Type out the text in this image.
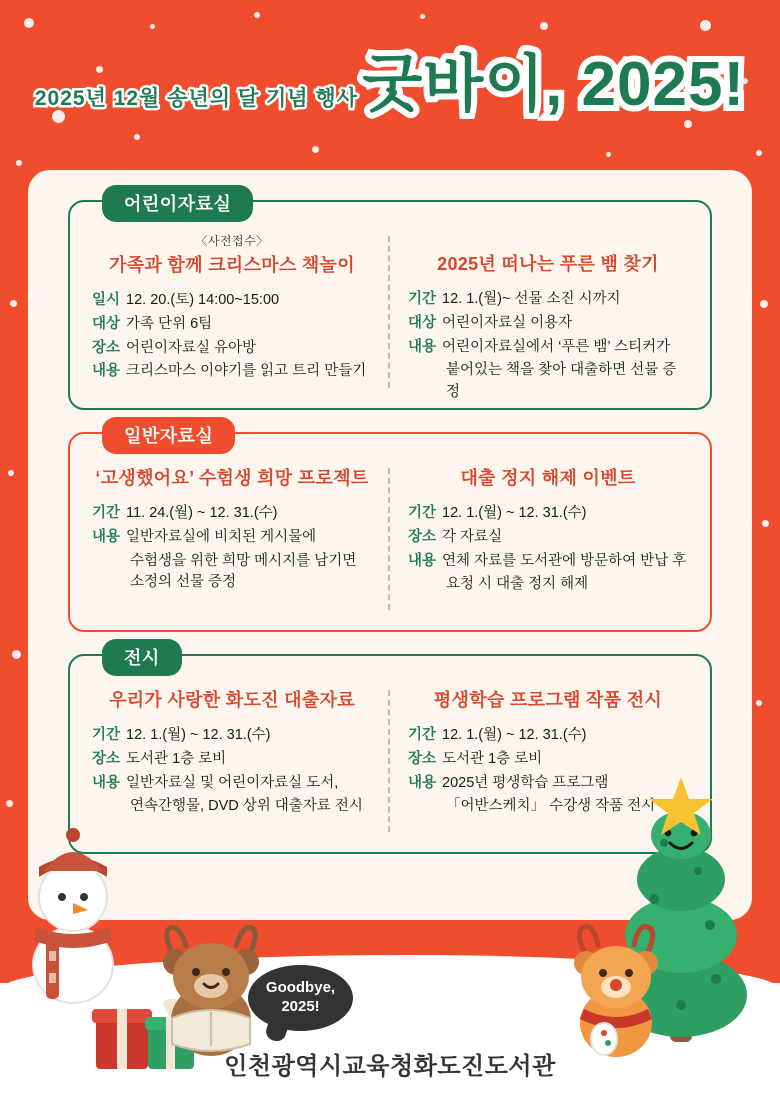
2025년 12월 송년의 달 기념 행사 굿바이, 2025!
어린이자료실
〈사전접수〉
가족과 함께 크리스마스 책놀이
일시 12. 20.(토) 14:00~15:00
대상 가족 단위 6팀
장소 어린이자료실 유아방
내용 크리스마스 이야기를 읽고 트리 만들기
2025년 떠나는 푸른 뱀 찾기
기간 12. 1.(월)~ 선물 소진 시까지
대상 어린이자료실 이용자
내용 어린이자료실에서 ‘푸른 뱀’ 스티커가
붙어있는 책을 찾아 대출하면 선물 증정
일반자료실
‘고생했어요’ 수험생 희망 프로젝트
기간 11. 24.(월) ~ 12. 31.(수)
내용 일반자료실에 비치된 게시물에
수험생을 위한 희망 메시지를 남기면
소정의 선물 증정
대출 정지 해제 이벤트
기간 12. 1.(월) ~ 12. 31.(수)
장소 각 자료실
내용 연체 자료를 도서관에 방문하여 반납 후
요청 시 대출 정지 해제
전시
우리가 사랑한 화도진 대출자료
기간 12. 1.(월) ~ 12. 31.(수)
장소 도서관 1층 로비
내용 일반자료실 및 어린이자료실 도서,
연속간행물, DVD 상위 대출자료 전시
평생학습 프로그램 작품 전시
기간 12. 1.(월) ~ 12. 31.(수)
장소 도서관 1층 로비
내용 2025년 평생학습 프로그램
「어반스케치」 수강생 작품 전시
Goodbye,
2025!
인천광역시교육청화도진도서관
